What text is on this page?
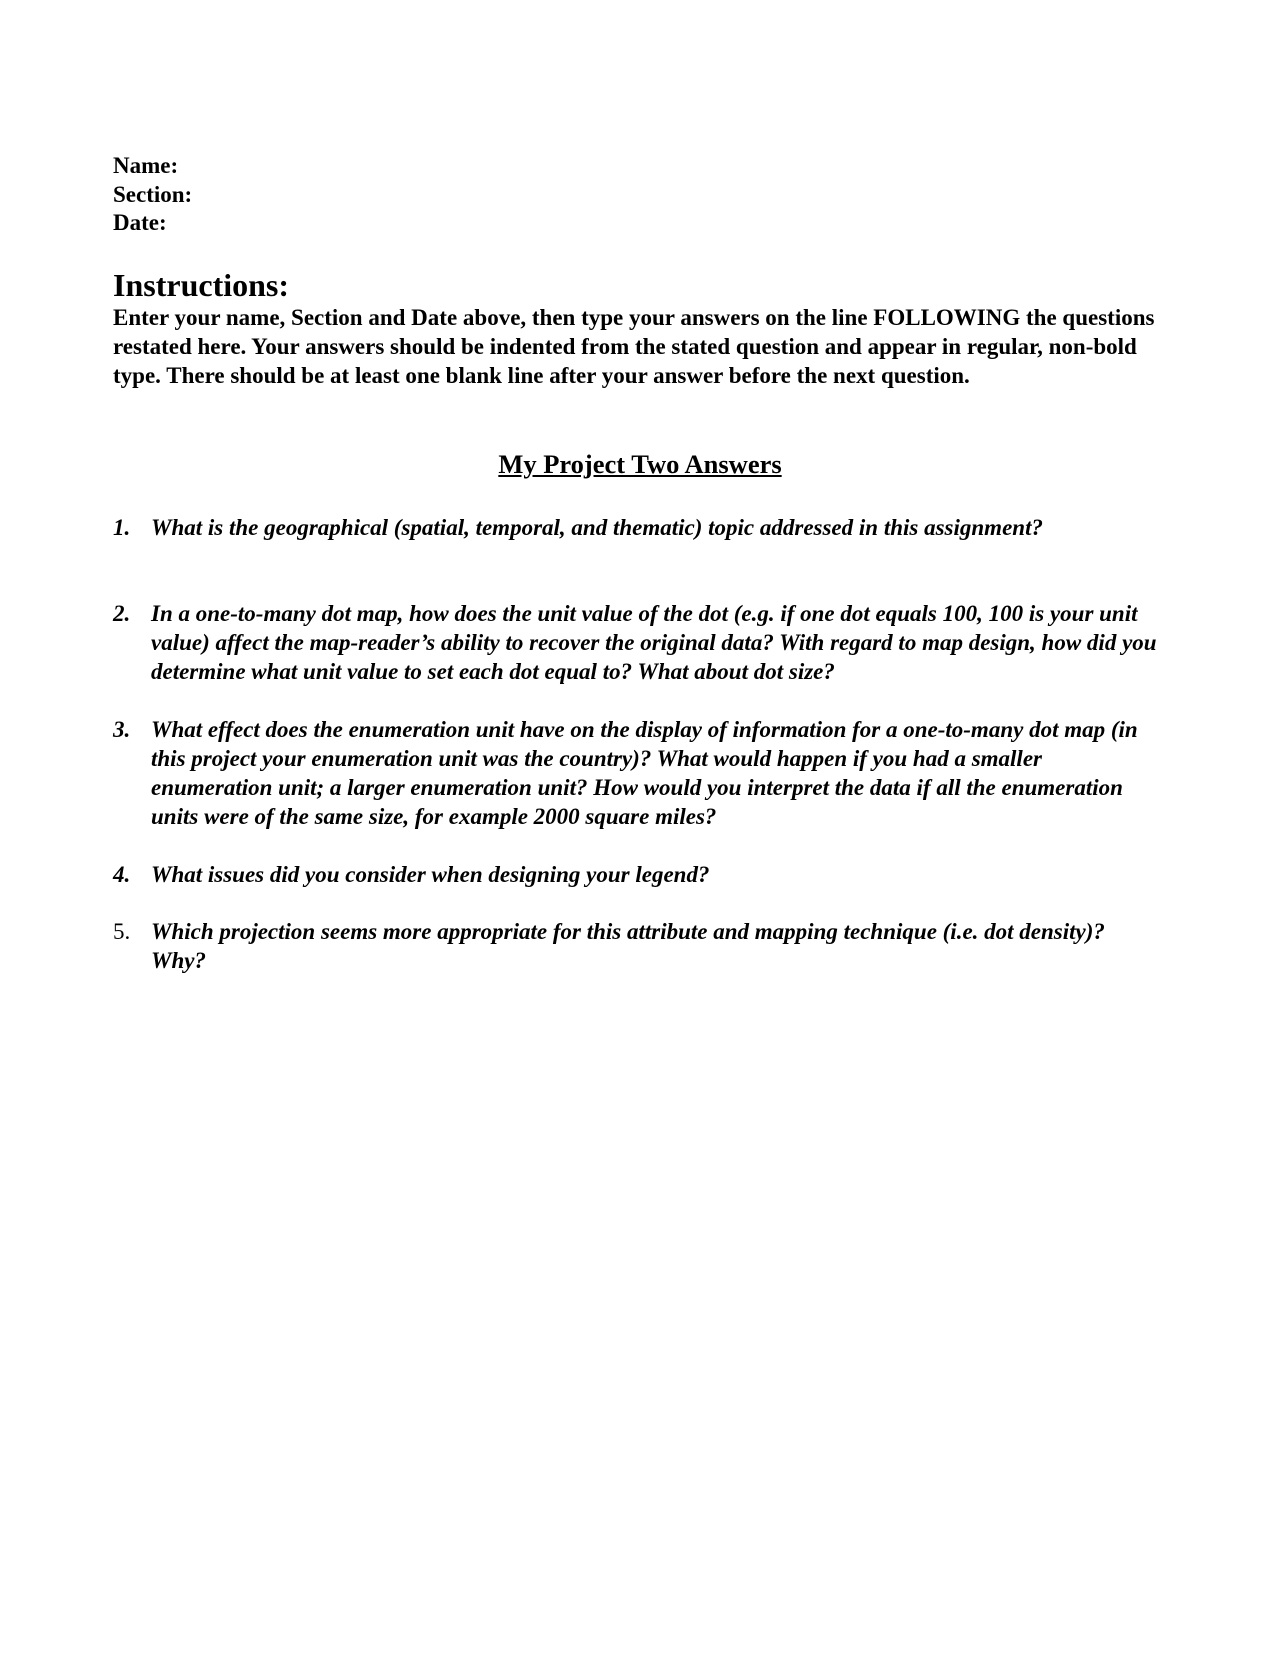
Name:
Section:
Date:
Instructions:

Enter your name, Section and Date above, then type your answers on the line FOLLOWING the questions restated here. Your answers should be indented from the stated question and appear in regular, non-bold type. There should be at least one blank line after your answer before the next question.

My Project Two Answers
1. What is the geographical (spatial, temporal, and thematic) topic addressed in this assignment?
2. In a one-to-many dot map, how does the unit value of the dot (e.g. if one dot equals 100, 100 is your unit value) affect the map-reader’s ability to recover the original data? With regard to map design, how did you determine what unit value to set each dot equal to? What about dot size?
3. What effect does the enumeration unit have on the display of information for a one-to-many dot map (in this project your enumeration unit was the country)? What would happen if you had a smaller enumeration unit; a larger enumeration unit? How would you interpret the data if all the enumeration units were of the same size, for example 2000 square miles?
4. What issues did you consider when designing your legend?
5. Which projection seems more appropriate for this attribute and mapping technique (i.e. dot density)? Why?
